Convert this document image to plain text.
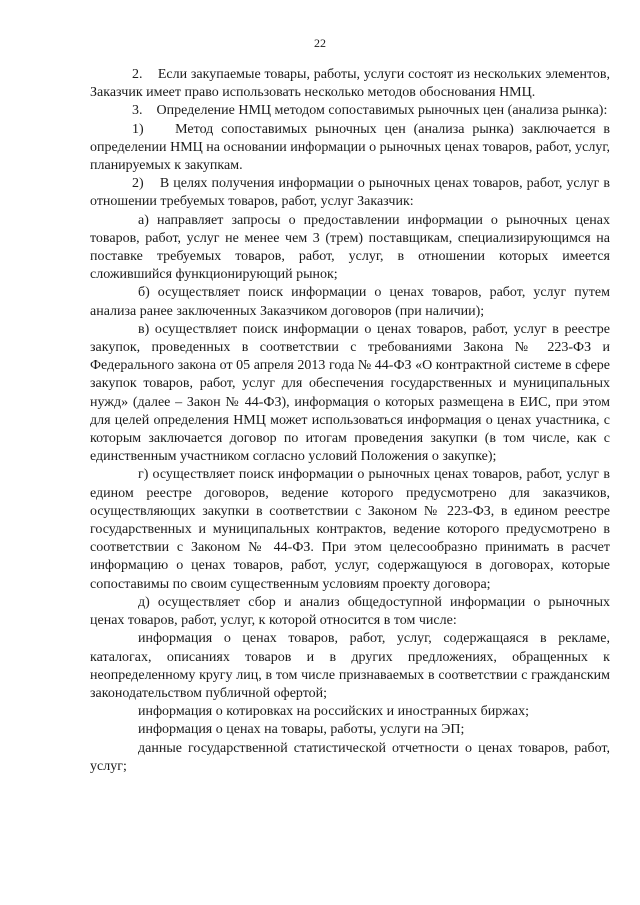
22

2.    Если закупаемые товары, работы, услуги состоят из нескольких элементов, Заказчик имеет право использовать несколько методов обоснования НМЦ.

3.    Определение НМЦ методом сопоставимых рыночных цен (анализа рынка):

1)    Метод сопоставимых рыночных цен (анализа рынка) заключается в определении НМЦ на основании информации о рыночных ценах товаров, работ, услуг, планируемых к закупкам.

2)    В целях получения информации о рыночных ценах товаров, работ, услуг в отношении требуемых товаров, работ, услуг Заказчик:

а) направляет запросы о предоставлении информации о рыночных ценах товаров, работ, услуг не менее чем 3 (трем) поставщикам, специализирующимся на поставке требуемых товаров, работ, услуг, в отношении которых имеется сложившийся функционирующий рынок;

б) осуществляет поиск информации о ценах товаров, работ, услуг путем анализа ранее заключенных Заказчиком договоров (при наличии);

в) осуществляет поиск информации о ценах товаров, работ, услуг в реестре закупок, проведенных в соответствии с требованиями Закона № 223-ФЗ и Федерального закона от 05 апреля 2013 года № 44-ФЗ «О контрактной системе в сфере закупок товаров, работ, услуг для обеспечения государственных и муниципальных нужд» (далее – Закон № 44-ФЗ), информация о которых размещена в ЕИС, при этом для целей определения НМЦ может использоваться информация о ценах участника, с которым заключается договор по итогам проведения закупки (в том числе, как с единственным участником согласно условий Положения о закупке);

г) осуществляет поиск информации о рыночных ценах товаров, работ, услуг в едином реестре договоров, ведение которого предусмотрено для заказчиков, осуществляющих закупки в соответствии с Законом № 223-ФЗ, в едином реестре государственных и муниципальных контрактов, ведение которого предусмотрено в соответствии с Законом № 44-ФЗ. При этом целесообразно принимать в расчет информацию о ценах товаров, работ, услуг, содержащуюся в договорах, которые сопоставимы по своим существенным условиям проекту договора;

д) осуществляет сбор и анализ общедоступной информации о рыночных ценах товаров, работ, услуг, к которой относится в том числе:

информация о ценах товаров, работ, услуг, содержащаяся в рекламе, каталогах, описаниях товаров и в других предложениях, обращенных к неопределенному кругу лиц, в том числе признаваемых в соответствии с гражданским законодательством публичной офертой;

информация о котировках на российских и иностранных биржах;

информация о ценах на товары, работы, услуги на ЭП;

данные государственной статистической отчетности о ценах товаров, работ, услуг;
